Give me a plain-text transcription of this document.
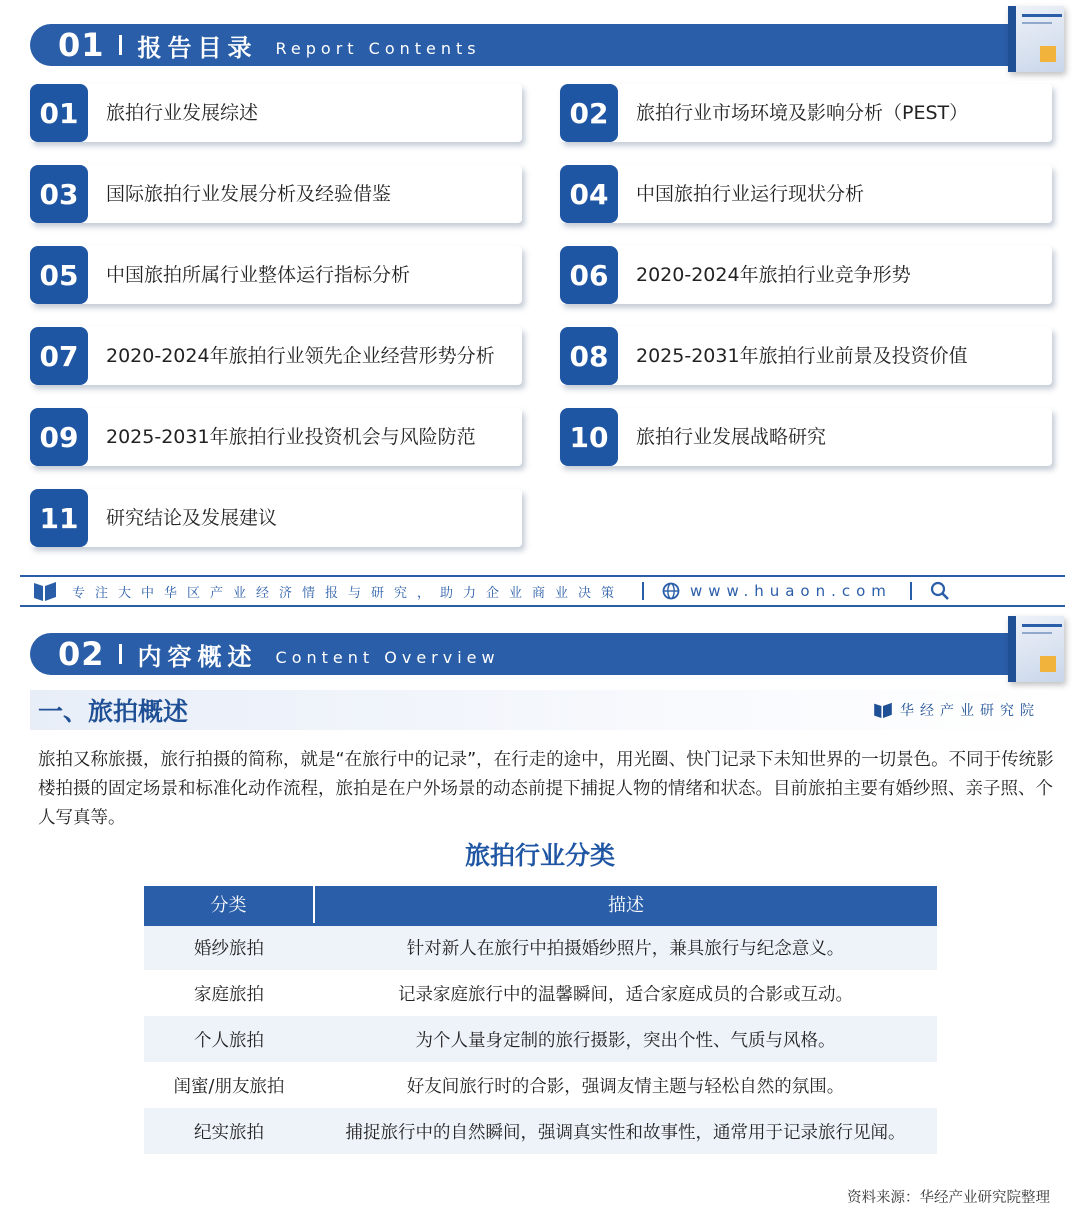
01 报告目录 Report Contents
01	旅拍行业发展综述	02	旅拍行业市场环境及影响分析（PEST）
03	国际旅拍行业发展分析及经验借鉴	04	中国旅拍行业运行现状分析
05	中国旅拍所属行业整体运行指标分析	06	2020-2024年旅拍行业竞争形势
07	2020-2024年旅拍行业领先企业经营形势分析	08	2025-2031年旅拍行业前景及投资价值
09	2025-2031年旅拍行业投资机会与风险防范	10	旅拍行业发展战略研究
11	研究结论及发展建议
专注大中华区产业经济情报与研究，助力企业商业决策	www.huaon.com
02 内容概述 Content Overview
一、旅拍概述	华经产业研究院

旅拍又称旅摄，旅行拍摄的简称，就是“在旅行中的记录”，在行走的途中，用光圈、快门记录下未知世界的一切景色。不同于传统影楼拍摄的固定场景和标准化动作流程，旅拍是在户外场景的动态前提下捕捉人物的情绪和状态。目前旅拍主要有婚纱照、亲子照、个人写真等。

旅拍行业分类
分类	描述
婚纱旅拍	针对新人在旅行中拍摄婚纱照片，兼具旅行与纪念意义。
家庭旅拍	记录家庭旅行中的温馨瞬间，适合家庭成员的合影或互动。
个人旅拍	为个人量身定制的旅行摄影，突出个性、气质与风格。
闺蜜/朋友旅拍	好友间旅行时的合影，强调友情主题与轻松自然的氛围。
纪实旅拍	捕捉旅行中的自然瞬间，强调真实性和故事性，通常用于记录旅行见闻。
资料来源：华经产业研究院整理
